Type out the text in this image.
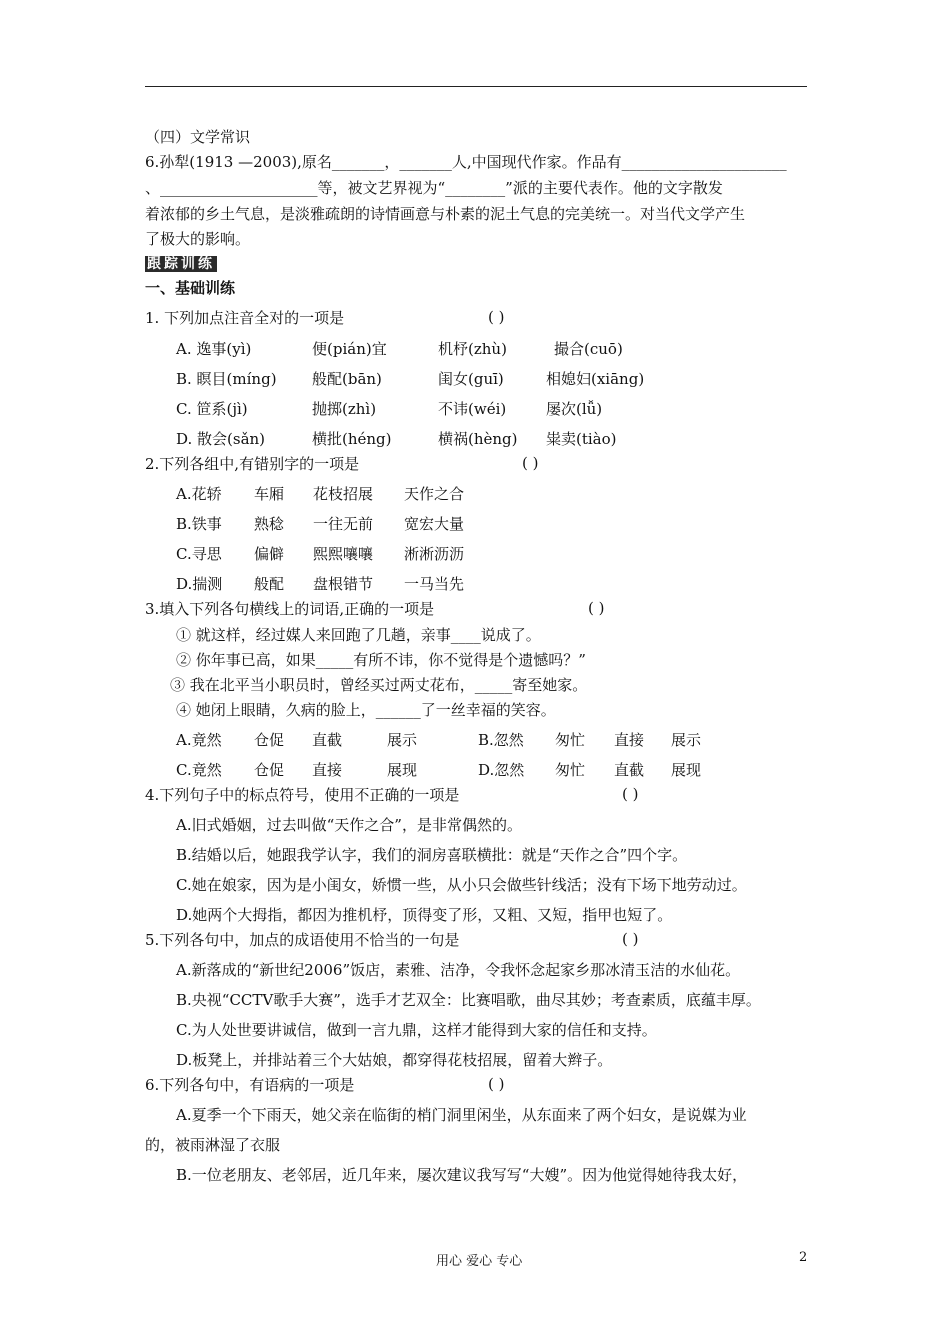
（四）文学常识
6.孙犁(1913 —2003),原名_______，_______人,中国现代作家。作品有______________________
、_____________________等，被文艺界视为“________”派的主要代表作。他的文字散发
着浓郁的乡土气息，是淡雅疏朗的诗情画意与朴素的泥土气息的完美统一。对当代文学产生
了极大的影响。
跟踪训练
一、基础训练
1. 下列加点注音全对的一项是	( )
A. 逸事(yì)	便(pián)宜	机杼(zhù)	撮合(cuō)
B. 瞑目(míng) 般配(bān)	闺女(guī)	相媳妇(xiāng)
C. 笸系(jì)	抛掷(zhì)	不讳(wéi)	屡次(lǚ)
D. 散会(sǎn)	横批(héng)	横祸(hèng) 粜卖(tiào)
2.下列各组中,有错别字的一项是	( )
A.花轿 车厢 花枝招展 天作之合
B.铁事 熟稔 一往无前 宽宏大量
C.寻思 偏僻 熙熙嚷嚷 淅淅沥沥
D.揣测 般配 盘根错节 一马当先
3.填入下列各句横线上的词语,正确的一项是	( )
① 就这样，经过媒人来回跑了几趟，亲事____说成了。
② 你年事已高，如果_____有所不讳，你不觉得是个遗憾吗？”
③ 我在北平当小职员时，曾经买过两丈花布，_____寄至她家。
④ 她闭上眼睛，久病的脸上，______了一丝幸福的笑容。
A.竟然 仓促 直截	展示	B.忽然 匆忙 直接 展示
C.竟然 仓促 直接	展现	D.忽然 匆忙 直截 展现
4.下列句子中的标点符号，使用不正确的一项是	( )
A.旧式婚姻，过去叫做“天作之合”，是非常偶然的。
B.结婚以后，她跟我学认字，我们的洞房喜联横批：就是“天作之合”四个字。
C.她在娘家，因为是小闺女，娇惯一些，从小只会做些针线活；没有下场下地劳动过。
D.她两个大拇指，都因为推机杼，顶得变了形，又粗、又短，指甲也短了。
5.下列各句中，加点的成语使用不恰当的一句是	( )
A.新落成的“新世纪2006”饭店，素雅、洁净，令我怀念起家乡那冰清玉洁的水仙花。
B.央视“CCTV歌手大赛”，选手才艺双全：比赛唱歌，曲尽其妙；考查素质，底蕴丰厚。
C.为人处世要讲诚信，做到一言九鼎，这样才能得到大家的信任和支持。
D.板凳上，并排站着三个大姑娘，都穿得花枝招展，留着大辫子。
6.下列各句中，有语病的一项是	( )
A.夏季一个下雨天，她父亲在临街的梢门洞里闲坐，从东面来了两个妇女，是说媒为业
的，被雨淋湿了衣服
B.一位老朋友、老邻居，近几年来，屡次建议我写写“大嫂”。因为他觉得她待我太好，
用心 爱心 专心	2
